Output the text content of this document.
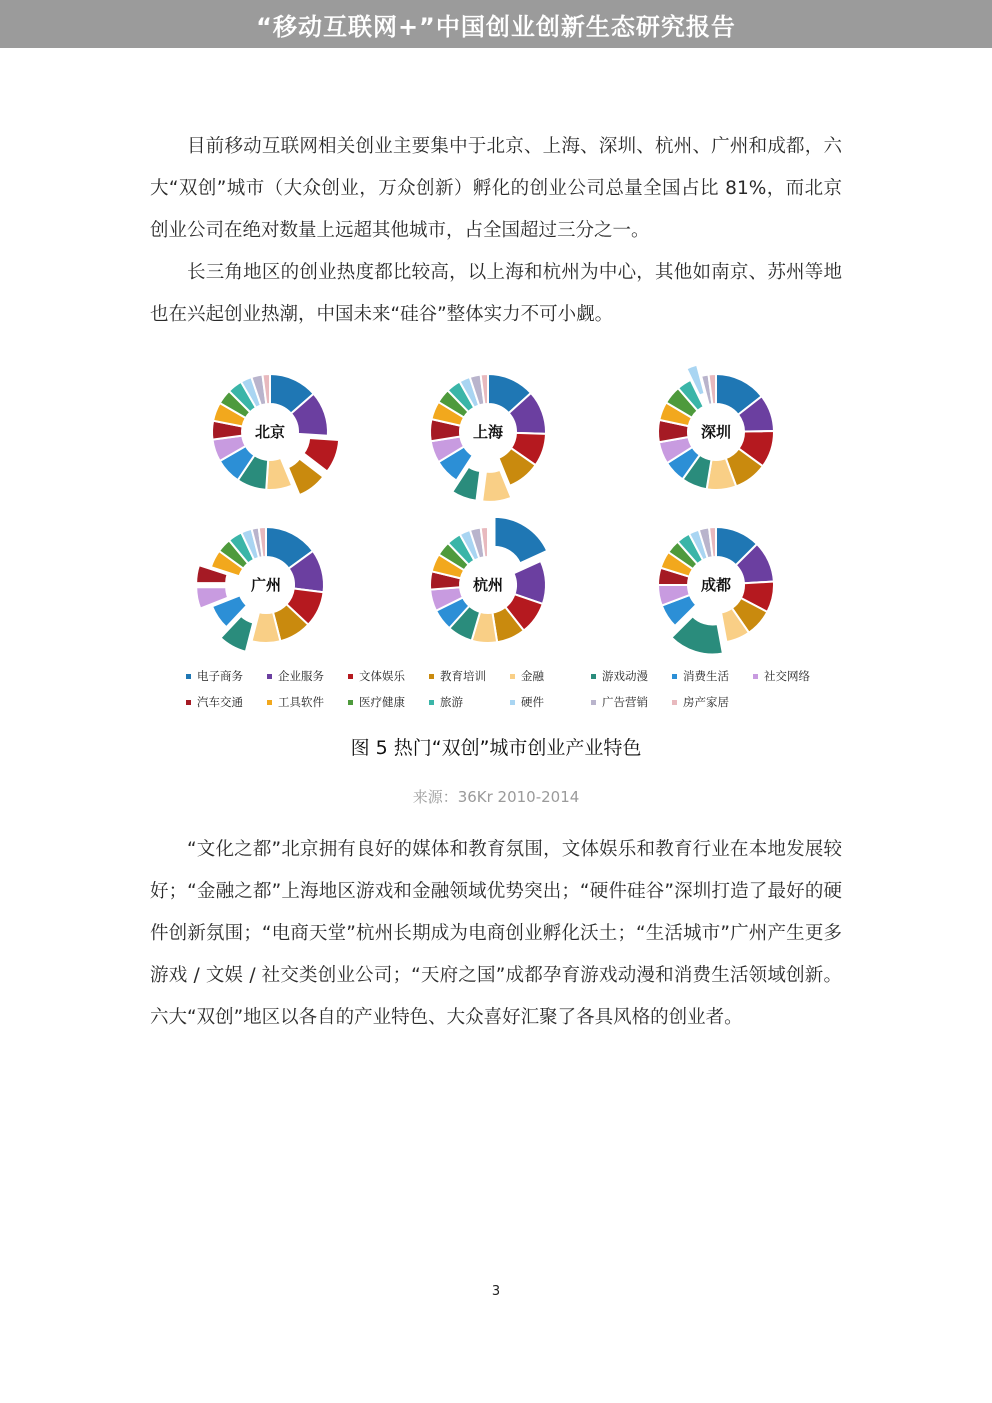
“移动互联网+”中国创业创新生态研究报告

目前移动互联网相关创业主要集中于北京、上海、深圳、杭州、广州和成都，六大“双创”城市（大众创业，万众创新）孵化的创业公司总量全国占比 81%，而北京创业公司在绝对数量上远超其他城市，占全国超过三分之一。

长三角地区的创业热度都比较高，以上海和杭州为中心，其他如南京、苏州等地也在兴起创业热潮，中国未来“硅谷”整体实力不可小觑。

北京	上海	深圳
广州	杭州	成都
电子商务	企业服务	文体娱乐	教育培训	金融	游戏动漫	消费生活	社交网络
汽车交通	工具软件	医疗健康	旅游	硬件	广告营销	房产家居
图 5 热门“双创”城市创业产业特色
来源：36Kr 2010-2014

“文化之都”北京拥有良好的媒体和教育氛围，文体娱乐和教育行业在本地发展较好；“金融之都”上海地区游戏和金融领域优势突出；“硬件硅谷”深圳打造了最好的硬件创新氛围；“电商天堂”杭州长期成为电商创业孵化沃土；“生活城市”广州产生更多游戏 / 文娱 / 社交类创业公司；“天府之国”成都孕育游戏动漫和消费生活领域创新。六大“双创”地区以各自的产业特色、大众喜好汇聚了各具风格的创业者。

3
